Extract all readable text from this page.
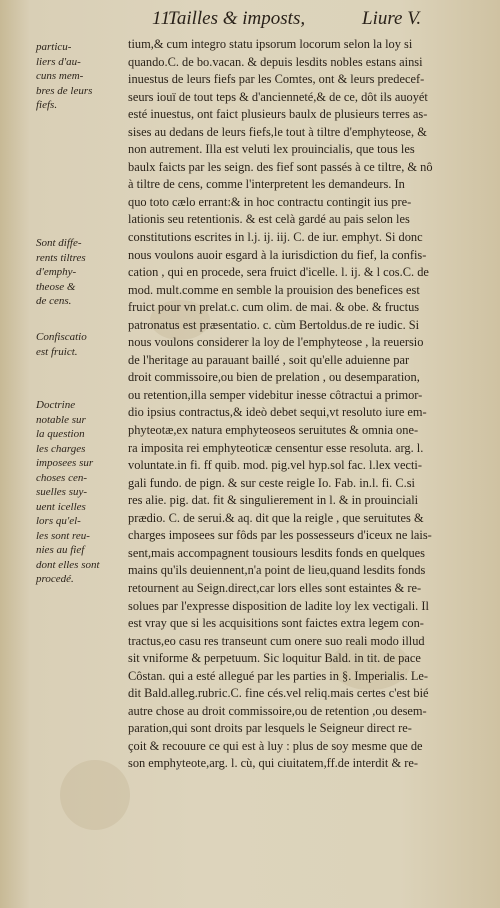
11
Tailles & imposts,	Liure V.
particu-
liers d'au-
cuns mem-
bres de leurs
fiefs.
Sont diffe-
rents tiltres
d'emphy-
theose &
de cens.
Confiscatio
est fruict.
Doctrine
notable sur
la question
les charges
imposees sur
choses cen-
suelles suy-
uent icelles
lors qu'el-
les sont reu-
nies au fief
dont elles sont
procedé.
tium,& cum integro statu ipsorum locorum selon la loy si
quando.C. de bo.vacan. & depuis lesdits nobles estans ainsi
inuestus de leurs fiefs par les Comtes, ont & leurs predecef-
seurs iouï de tout teps & d'ancienneté,& de ce, dôt ils auoyét
esté inuestus, ont faict plusieurs baulx de plusieurs terres as-
sises au dedans de leurs fiefs,le tout à tiltre d'emphyteose, &
non autrement. Illa est veluti lex prouincialis, que tous les
baulx faicts par les seign. des fief sont passés à ce tiltre, & nô
à tiltre de cens, comme l'interpretent les demandeurs. In
quo toto cælo errant:& in hoc contractu contingit ius pre-
lationis seu retentionis. & est celà gardé au pais selon les
constitutions escrites in l.j. ij. iij. C. de iur. emphyt. Si donc
nous voulons auoir esgard à la iurisdiction du fief, la confis-
cation , qui en procede, sera fruict d'icelle. l. ij. & l cos.C. de
mod. mult.comme en semble la prouision des benefices est
fruict pour vn prelat.c. cum olim. de mai. & obe. & fructus
patronatus est præsentatio. c. cùm Bertoldus.de re iudic. Si
nous voulons considerer la loy de l'emphyteose , la reuersio
de l'heritage au parauant baillé , soit qu'elle aduienne par
droit commissoire,ou bien de prelation , ou desemparation,
ou retention,illa semper videbitur inesse côtractui a primor-
dio ipsius contractus,& ideò debet sequi,vt resoluto iure em-
phyteotæ,ex natura emphyteoseos seruitutes & omnia one-
ra imposita rei emphyteoticæ censentur esse resoluta. arg. l.
voluntate.in fi. ff quib. mod. pig.vel hyp.sol fac. l.lex vecti-
gali fundo. de pign. & sur ceste reigle Io. Fab. in.l. fi. C.si
res alie. pig. dat. fit & singulierement in l. & in prouinciali
prædio. C. de serui.& aq. dit que la reigle , que seruitutes &
charges imposees sur fôds par les possesseurs d'iceux ne lais-
sent,mais accompagnent tousiours lesdits fonds en quelques
mains qu'ils deuiennent,n'a point de lieu,quand lesdits fonds
retournent au Seign.direct,car lors elles sont estaintes & re-
solues par l'expresse disposition de ladite loy lex vectigali. Il
est vray que si les acquisitions sont faictes extra legem con-
tractus,eo casu res transeunt cum onere suo reali modo illud
sit vniforme & perpetuum. Sic loquitur Bald. in tit. de pace
Côstan. qui a esté allegué par les parties in §. Imperialis. Le-
dit Bald.alleg.rubric.C. fine cés.vel reliq.mais certes c'est bié
autre chose au droit commissoire,ou de retention ,ou desem-
paration,qui sont droits par lesquels le Seigneur direct re-
çoit & recouure ce qui est à luy : plus de soy mesme que de
son emphyteote,arg. l. cù, qui ciuitatem,ff.de interdit & re-
